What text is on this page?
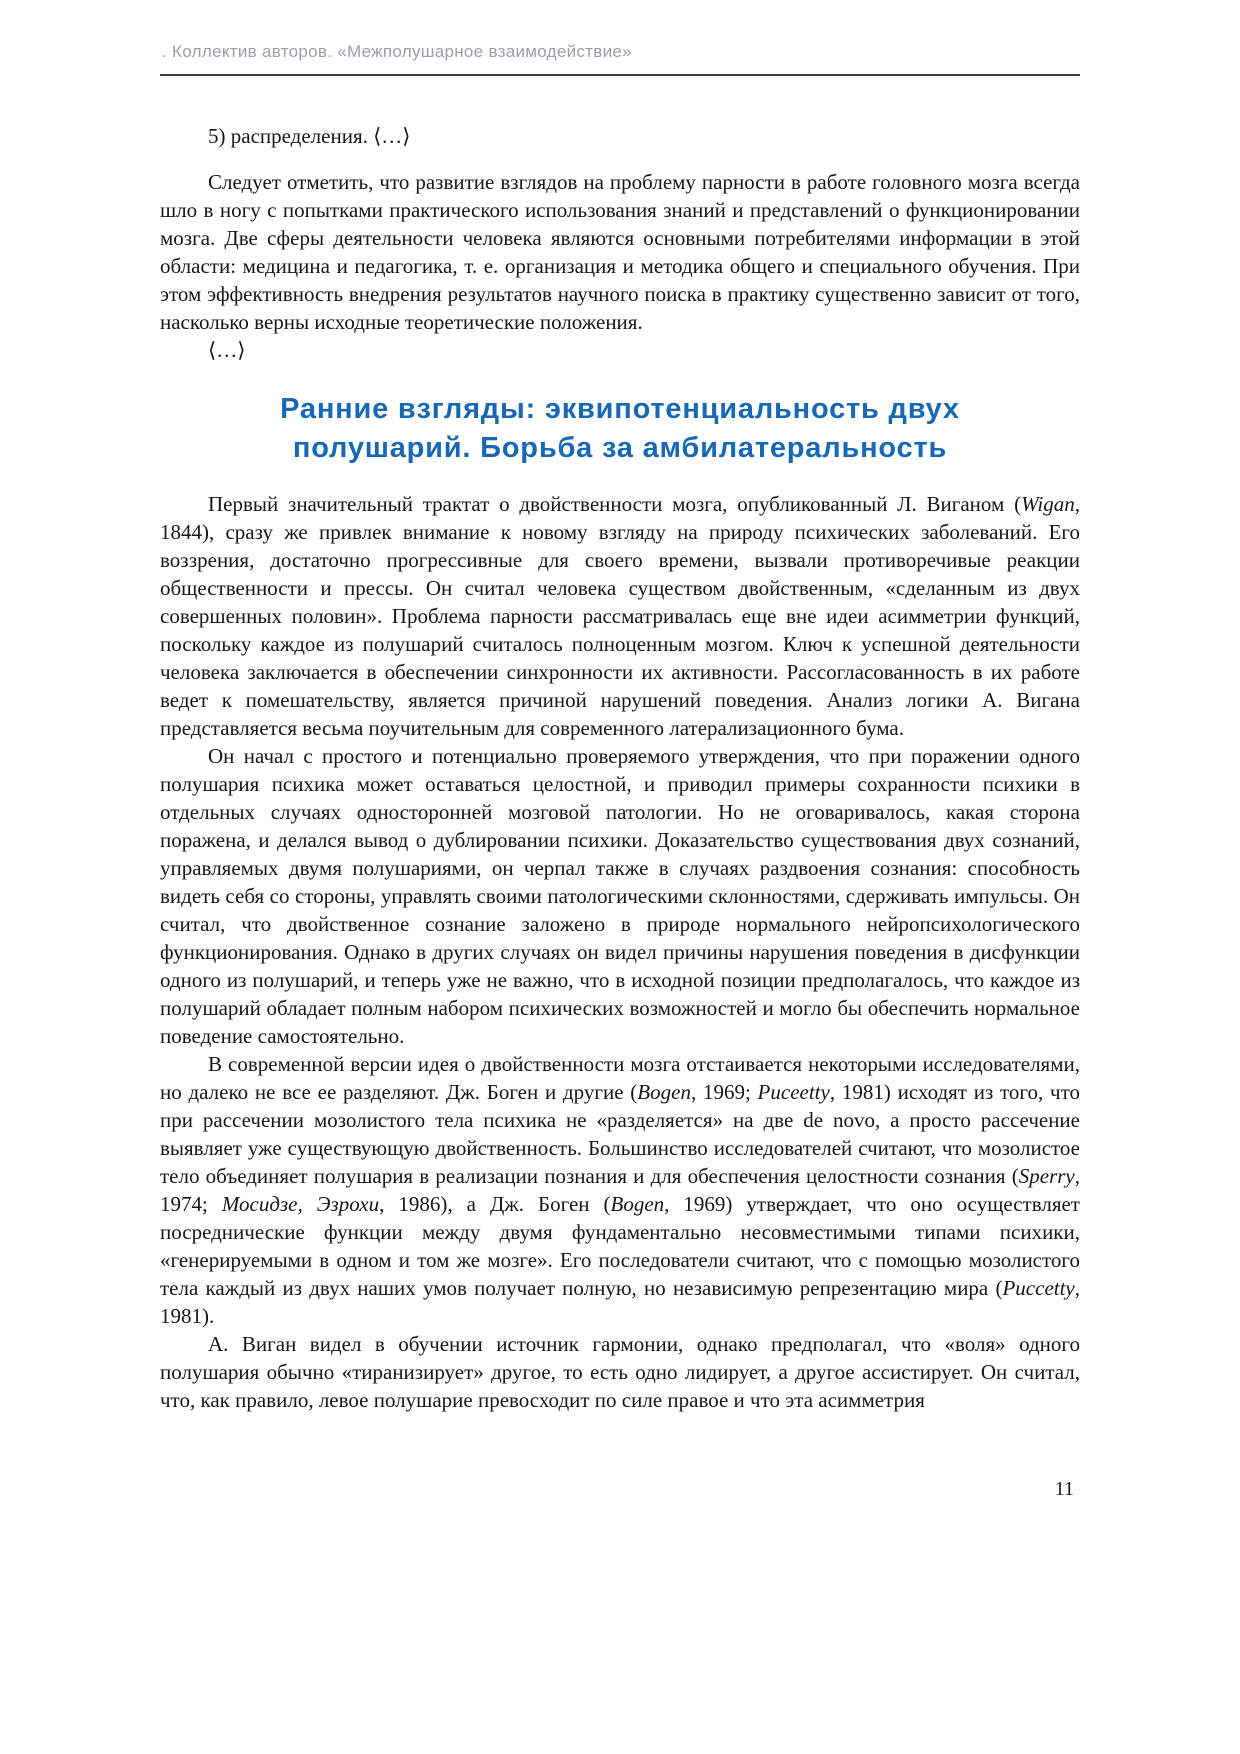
. Коллектив авторов. «Межполушарное взаимодействие»

5) распределения. ⟨…⟩

Следует отметить, что развитие взглядов на проблему парности в работе головного мозга всегда шло в ногу с попытками практического использования знаний и представлений о функционировании мозга. Две сферы деятельности человека являются основными потребителями информации в этой области: медицина и педагогика, т. е. организация и методика общего и специального обучения. При этом эффективность внедрения результатов научного поиска в практику существенно зависит от того, насколько верны исходные теоретические положения.

⟨…⟩

Ранние взгляды: эквипотенциальность двух
полушарий. Борьба за амбилатеральность

Первый значительный трактат о двойственности мозга, опубликованный Л. Виганом (Wigan, 1844), сразу же привлек внимание к новому взгляду на природу психических заболеваний. Его воззрения, достаточно прогрессивные для своего времени, вызвали противоречивые реакции общественности и прессы. Он считал человека существом двойственным, «сделанным из двух совершенных половин». Проблема парности рассматривалась еще вне идеи асимметрии функций, поскольку каждое из полушарий считалось полноценным мозгом. Ключ к успешной деятельности человека заключается в обеспечении синхронности их активности. Рассогласованность в их работе ведет к помешательству, является причиной нарушений поведения. Анализ логики А. Вигана представляется весьма поучительным для современного латерализационного бума.

Он начал с простого и потенциально проверяемого утверждения, что при поражении одного полушария психика может оставаться целостной, и приводил примеры сохранности психики в отдельных случаях односторонней мозговой патологии. Но не оговаривалось, какая сторона поражена, и делался вывод о дублировании психики. Доказательство существования двух сознаний, управляемых двумя полушариями, он черпал также в случаях раздвоения сознания: способность видеть себя со стороны, управлять своими патологическими склонностями, сдерживать импульсы. Он считал, что двойственное сознание заложено в природе нормального нейропсихологического функционирования. Однако в других случаях он видел причины нарушения поведения в дисфункции одного из полушарий, и теперь уже не важно, что в исходной позиции предполагалось, что каждое из полушарий обладает полным набором психических возможностей и могло бы обеспечить нормальное поведение самостоятельно.

В современной версии идея о двойственности мозга отстаивается некоторыми исследователями, но далеко не все ее разделяют. Дж. Боген и другие (Bogen, 1969; Puceetty, 1981) исходят из того, что при рассечении мозолистого тела психика не «разделяется» на две de novo, а просто рассечение выявляет уже существующую двойственность. Большинство исследователей считают, что мозолистое тело объединяет полушария в реализации познания и для обеспечения целостности сознания (Sperry, 1974; Мосидзе, Эзрохи, 1986), а Дж. Боген (Bogen, 1969) утверждает, что оно осуществляет посреднические функции между двумя фундаментально несовместимыми типами психики, «генерируемыми в одном и том же мозге». Его последователи считают, что с помощью мозолистого тела каждый из двух наших умов получает полную, но независимую репрезентацию мира (Puccetty, 1981).

А. Виган видел в обучении источник гармонии, однако предполагал, что «воля» одного полушария обычно «тиранизирует» другое, то есть одно лидирует, а другое ассистирует. Он считал, что, как правило, левое полушарие превосходит по силе правое и что эта асимметрия

11
